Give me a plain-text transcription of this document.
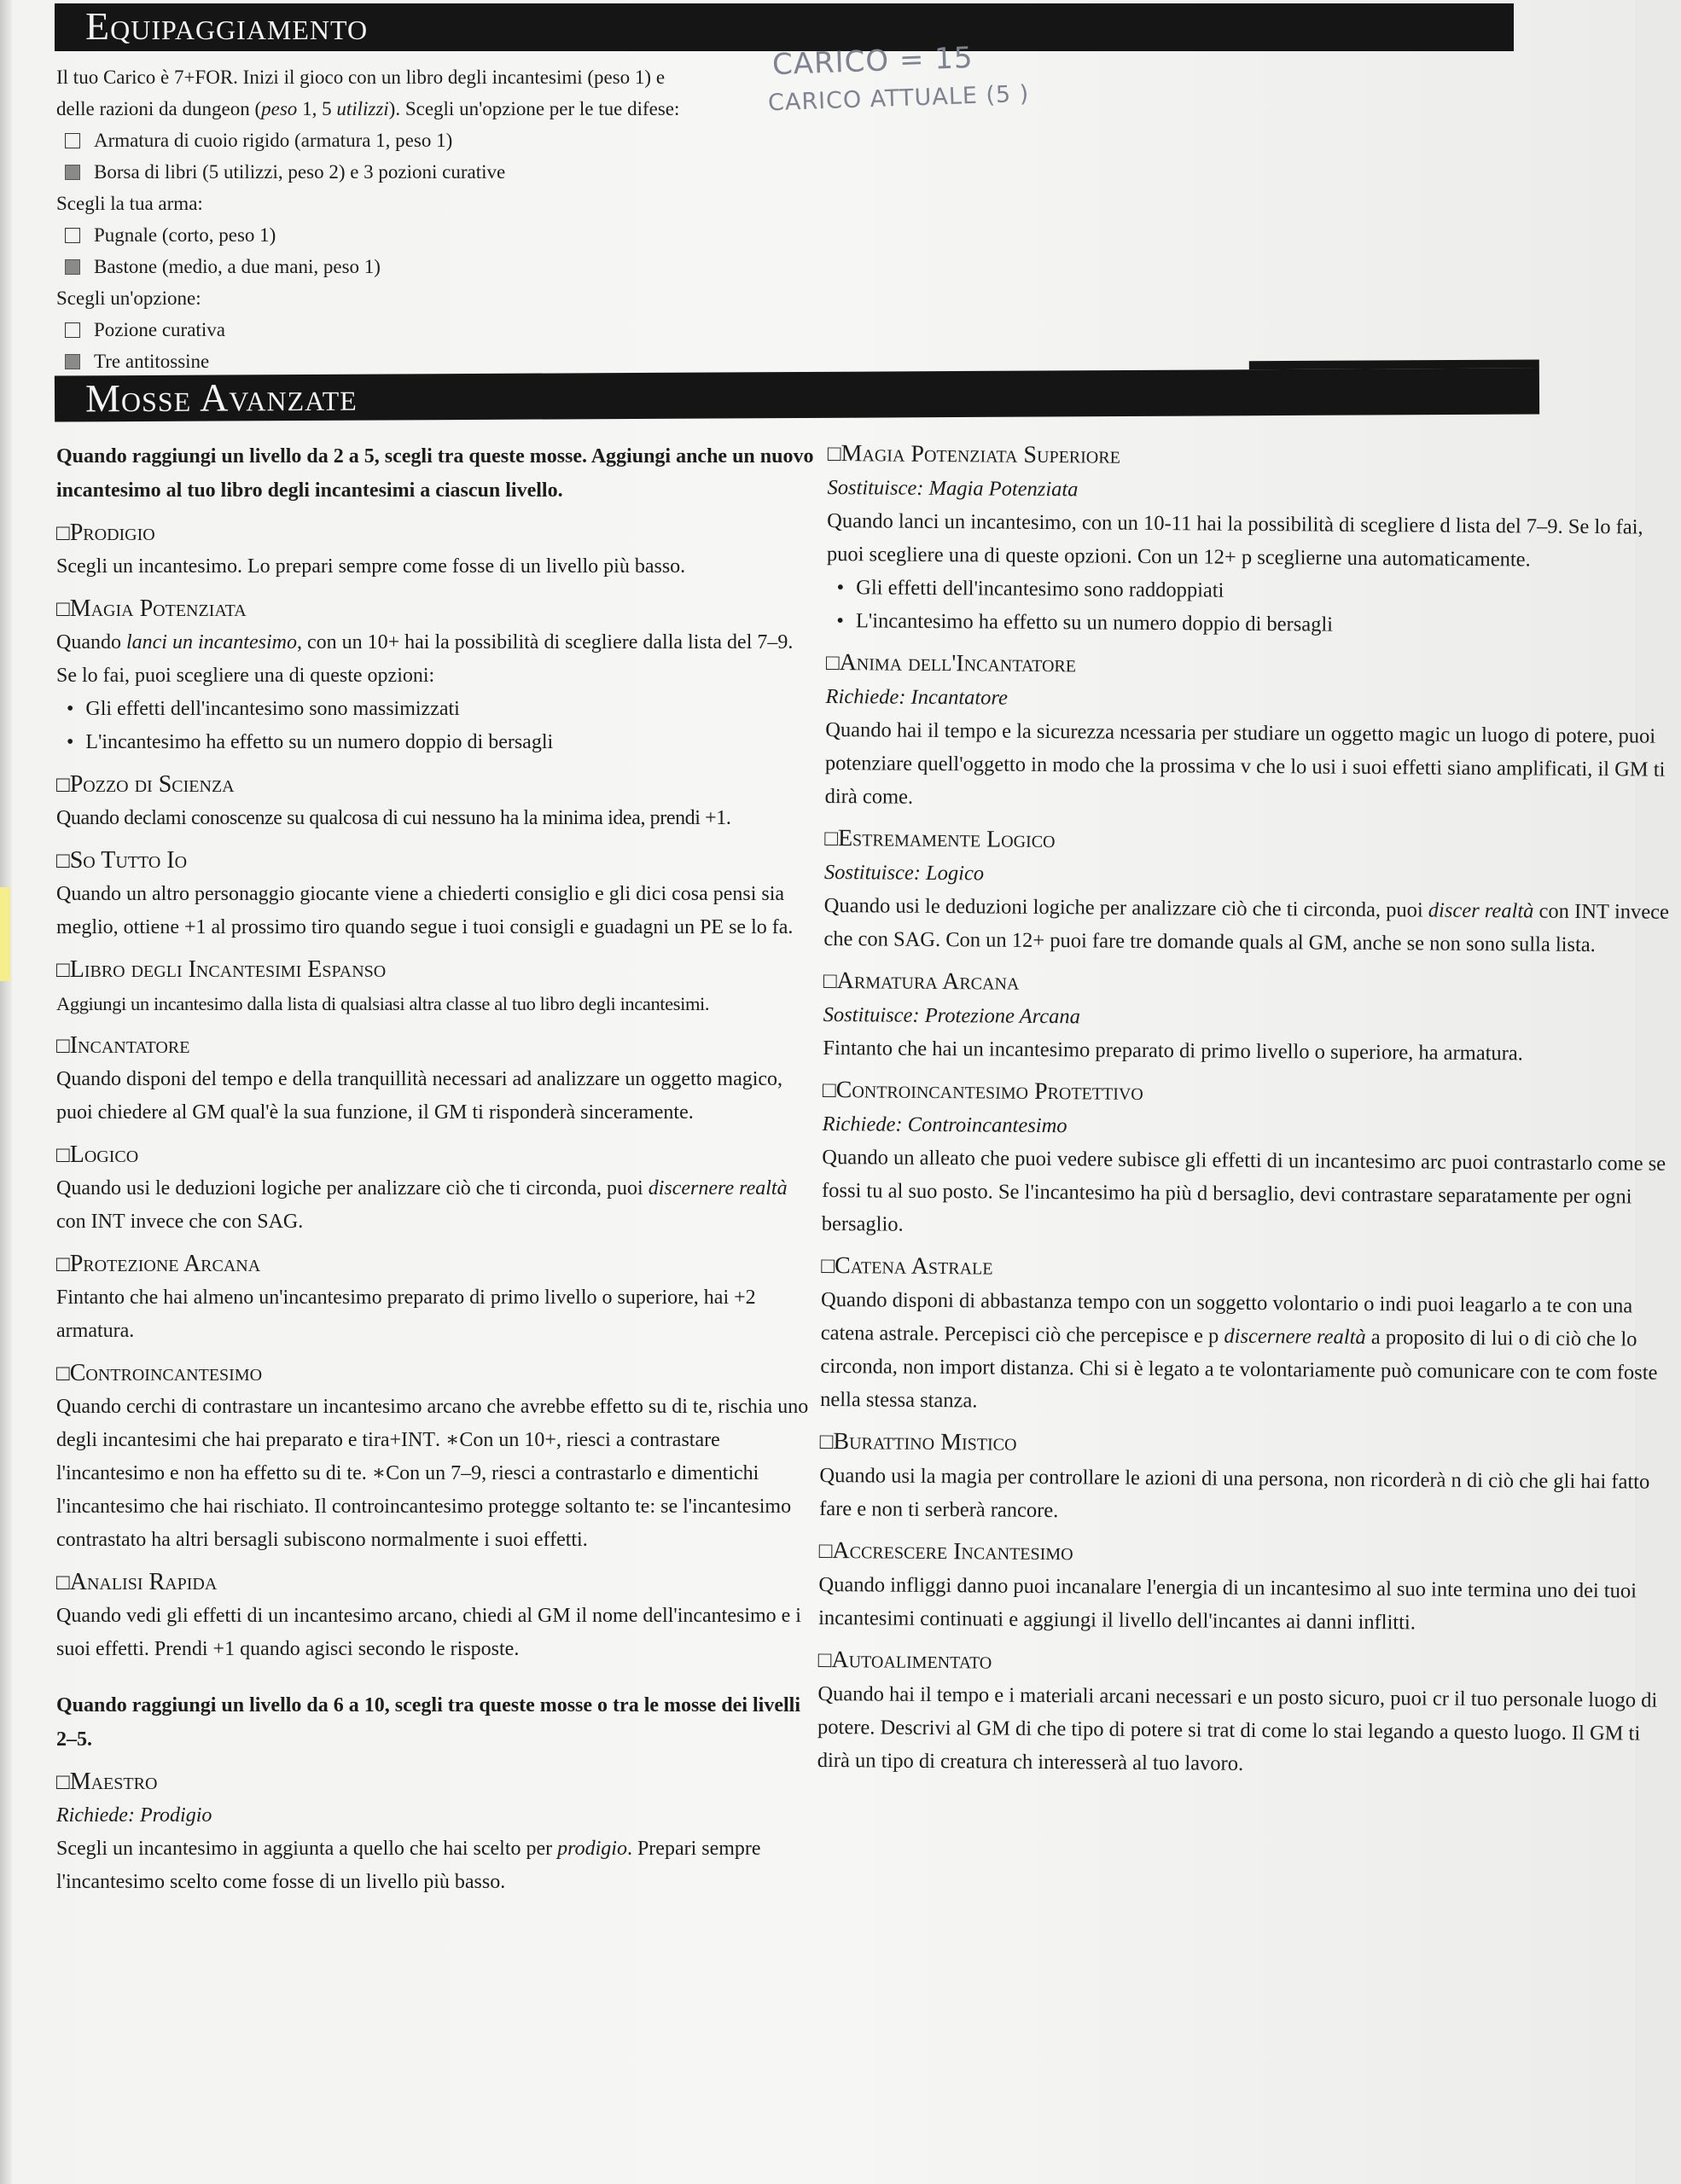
Equipaggiamento

Il tuo Carico è 7+FOR. Inizi il gioco con un libro degli incantesimi (peso 1) e

delle razioni da dungeon (peso 1, 5 utilizzi). Scegli un'opzione per le tue difese:

Armatura di cuoio rigido (armatura 1, peso 1)
Borsa di libri (5 utilizzi, peso 2) e 3 pozioni curative

Scegli la tua arma:

Pugnale (corto, peso 1)
Bastone (medio, a due mani, peso 1)

Scegli un'opzione:

Pozione curativa
Tre antitossine
CARICO = 15
CARICO ATTUALE (5 )
Mosse Avanzate

Quando raggiungi un livello da 2 a 5, scegli tra queste mosse. Aggiungi anche un nuovo incantesimo al tuo libro degli incantesimi a ciascun livello.

□Prodigio

Scegli un incantesimo. Lo prepari sempre come fosse di un livello più basso.

□Magia Potenziata

Quando lanci un incantesimo, con un 10+ hai la possibilità di scegliere dalla lista del 7–9. Se lo fai, puoi scegliere una di queste opzioni:

• Gli effetti dell'incantesimo sono massimizzati
• L'incantesimo ha effetto su un numero doppio di bersagli
□Pozzo di Scienza

Quando declami conoscenze su qualcosa di cui nessuno ha la minima idea, prendi +1.

□So Tutto Io

Quando un altro personaggio giocante viene a chiederti consiglio e gli dici cosa pensi sia meglio, ottiene +1 al prossimo tiro quando segue i tuoi consigli e guadagni un PE se lo fa.

□Libro degli Incantesimi Espanso

Aggiungi un incantesimo dalla lista di qualsiasi altra classe al tuo libro degli incantesimi.

□Incantatore

Quando disponi del tempo e della tranquillità necessari ad analizzare un oggetto magico, puoi chiedere al GM qual'è la sua funzione, il GM ti risponderà sinceramente.

□Logico

Quando usi le deduzioni logiche per analizzare ciò che ti circonda, puoi discernere realtà con INT invece che con SAG.

□Protezione Arcana

Fintanto che hai almeno un'incantesimo preparato di primo livello o superiore, hai +2 armatura.

□Controincantesimo

Quando cerchi di contrastare un incantesimo arcano che avrebbe effetto su di te, rischia uno degli incantesimi che hai preparato e tira+INT. ∗Con un 10+, riesci a contrastare l'incantesimo e non ha effetto su di te. ∗Con un 7–9, riesci a contrastarlo e dimentichi l'incantesimo che hai rischiato. Il controincantesimo protegge soltanto te: se l'incantesimo contrastato ha altri bersagli subiscono normalmente i suoi effetti.

□Analisi Rapida

Quando vedi gli effetti di un incantesimo arcano, chiedi al GM il nome dell'incantesimo e i suoi effetti. Prendi +1 quando agisci secondo le risposte.

Quando raggiungi un livello da 6 a 10, scegli tra queste mosse o tra le mosse dei livelli 2–5.

□Maestro

Richiede: Prodigio

Scegli un incantesimo in aggiunta a quello che hai scelto per prodigio. Prepari sempre l'incantesimo scelto come fosse di un livello più basso.

□Magia Potenziata Superiore

Sostituisce: Magia Potenziata

Quando lanci un incantesimo, con un 10-11 hai la possibilità di scegliere d lista del 7–9. Se lo fai, puoi scegliere una di queste opzioni. Con un 12+ p sceglierne una automaticamente.

• Gli effetti dell'incantesimo sono raddoppiati
• L'incantesimo ha effetto su un numero doppio di bersagli
□Anima dell'Incantatore

Richiede: Incantatore

Quando hai il tempo e la sicurezza ncessaria per studiare un oggetto magic un luogo di potere, puoi potenziare quell'oggetto in modo che la prossima v che lo usi i suoi effetti siano amplificati, il GM ti dirà come.

□Estremamente Logico

Sostituisce: Logico

Quando usi le deduzioni logiche per analizzare ciò che ti circonda, puoi discer realtà con INT invece che con SAG. Con un 12+ puoi fare tre domande quals al GM, anche se non sono sulla lista.

□Armatura Arcana

Sostituisce: Protezione Arcana

Fintanto che hai un incantesimo preparato di primo livello o superiore, ha armatura.

□Controincantesimo Protettivo

Richiede: Controincantesimo

Quando un alleato che puoi vedere subisce gli effetti di un incantesimo arc puoi contrastarlo come se fossi tu al suo posto. Se l'incantesimo ha più d bersaglio, devi contrastare separatamente per ogni bersaglio.

□Catena Astrale

Quando disponi di abbastanza tempo con un soggetto volontario o indi puoi leagarlo a te con una catena astrale. Percepisci ciò che percepisce e p discernere realtà a proposito di lui o di ciò che lo circonda, non import distanza. Chi si è legato a te volontariamente può comunicare con te com foste nella stessa stanza.

□Burattino Mistico

Quando usi la magia per controllare le azioni di una persona, non ricorderà n di ciò che gli hai fatto fare e non ti serberà rancore.

□Accrescere Incantesimo

Quando infliggi danno puoi incanalare l'energia di un incantesimo al suo inte termina uno dei tuoi incantesimi continuati e aggiungi il livello dell'incantes ai danni inflitti.

□Autoalimentato

Quando hai il tempo e i materiali arcani necessari e un posto sicuro, puoi cr il tuo personale luogo di potere. Descrivi al GM di che tipo di potere si trat di come lo stai legando a questo luogo. Il GM ti dirà un tipo di creatura ch interesserà al tuo lavoro.
